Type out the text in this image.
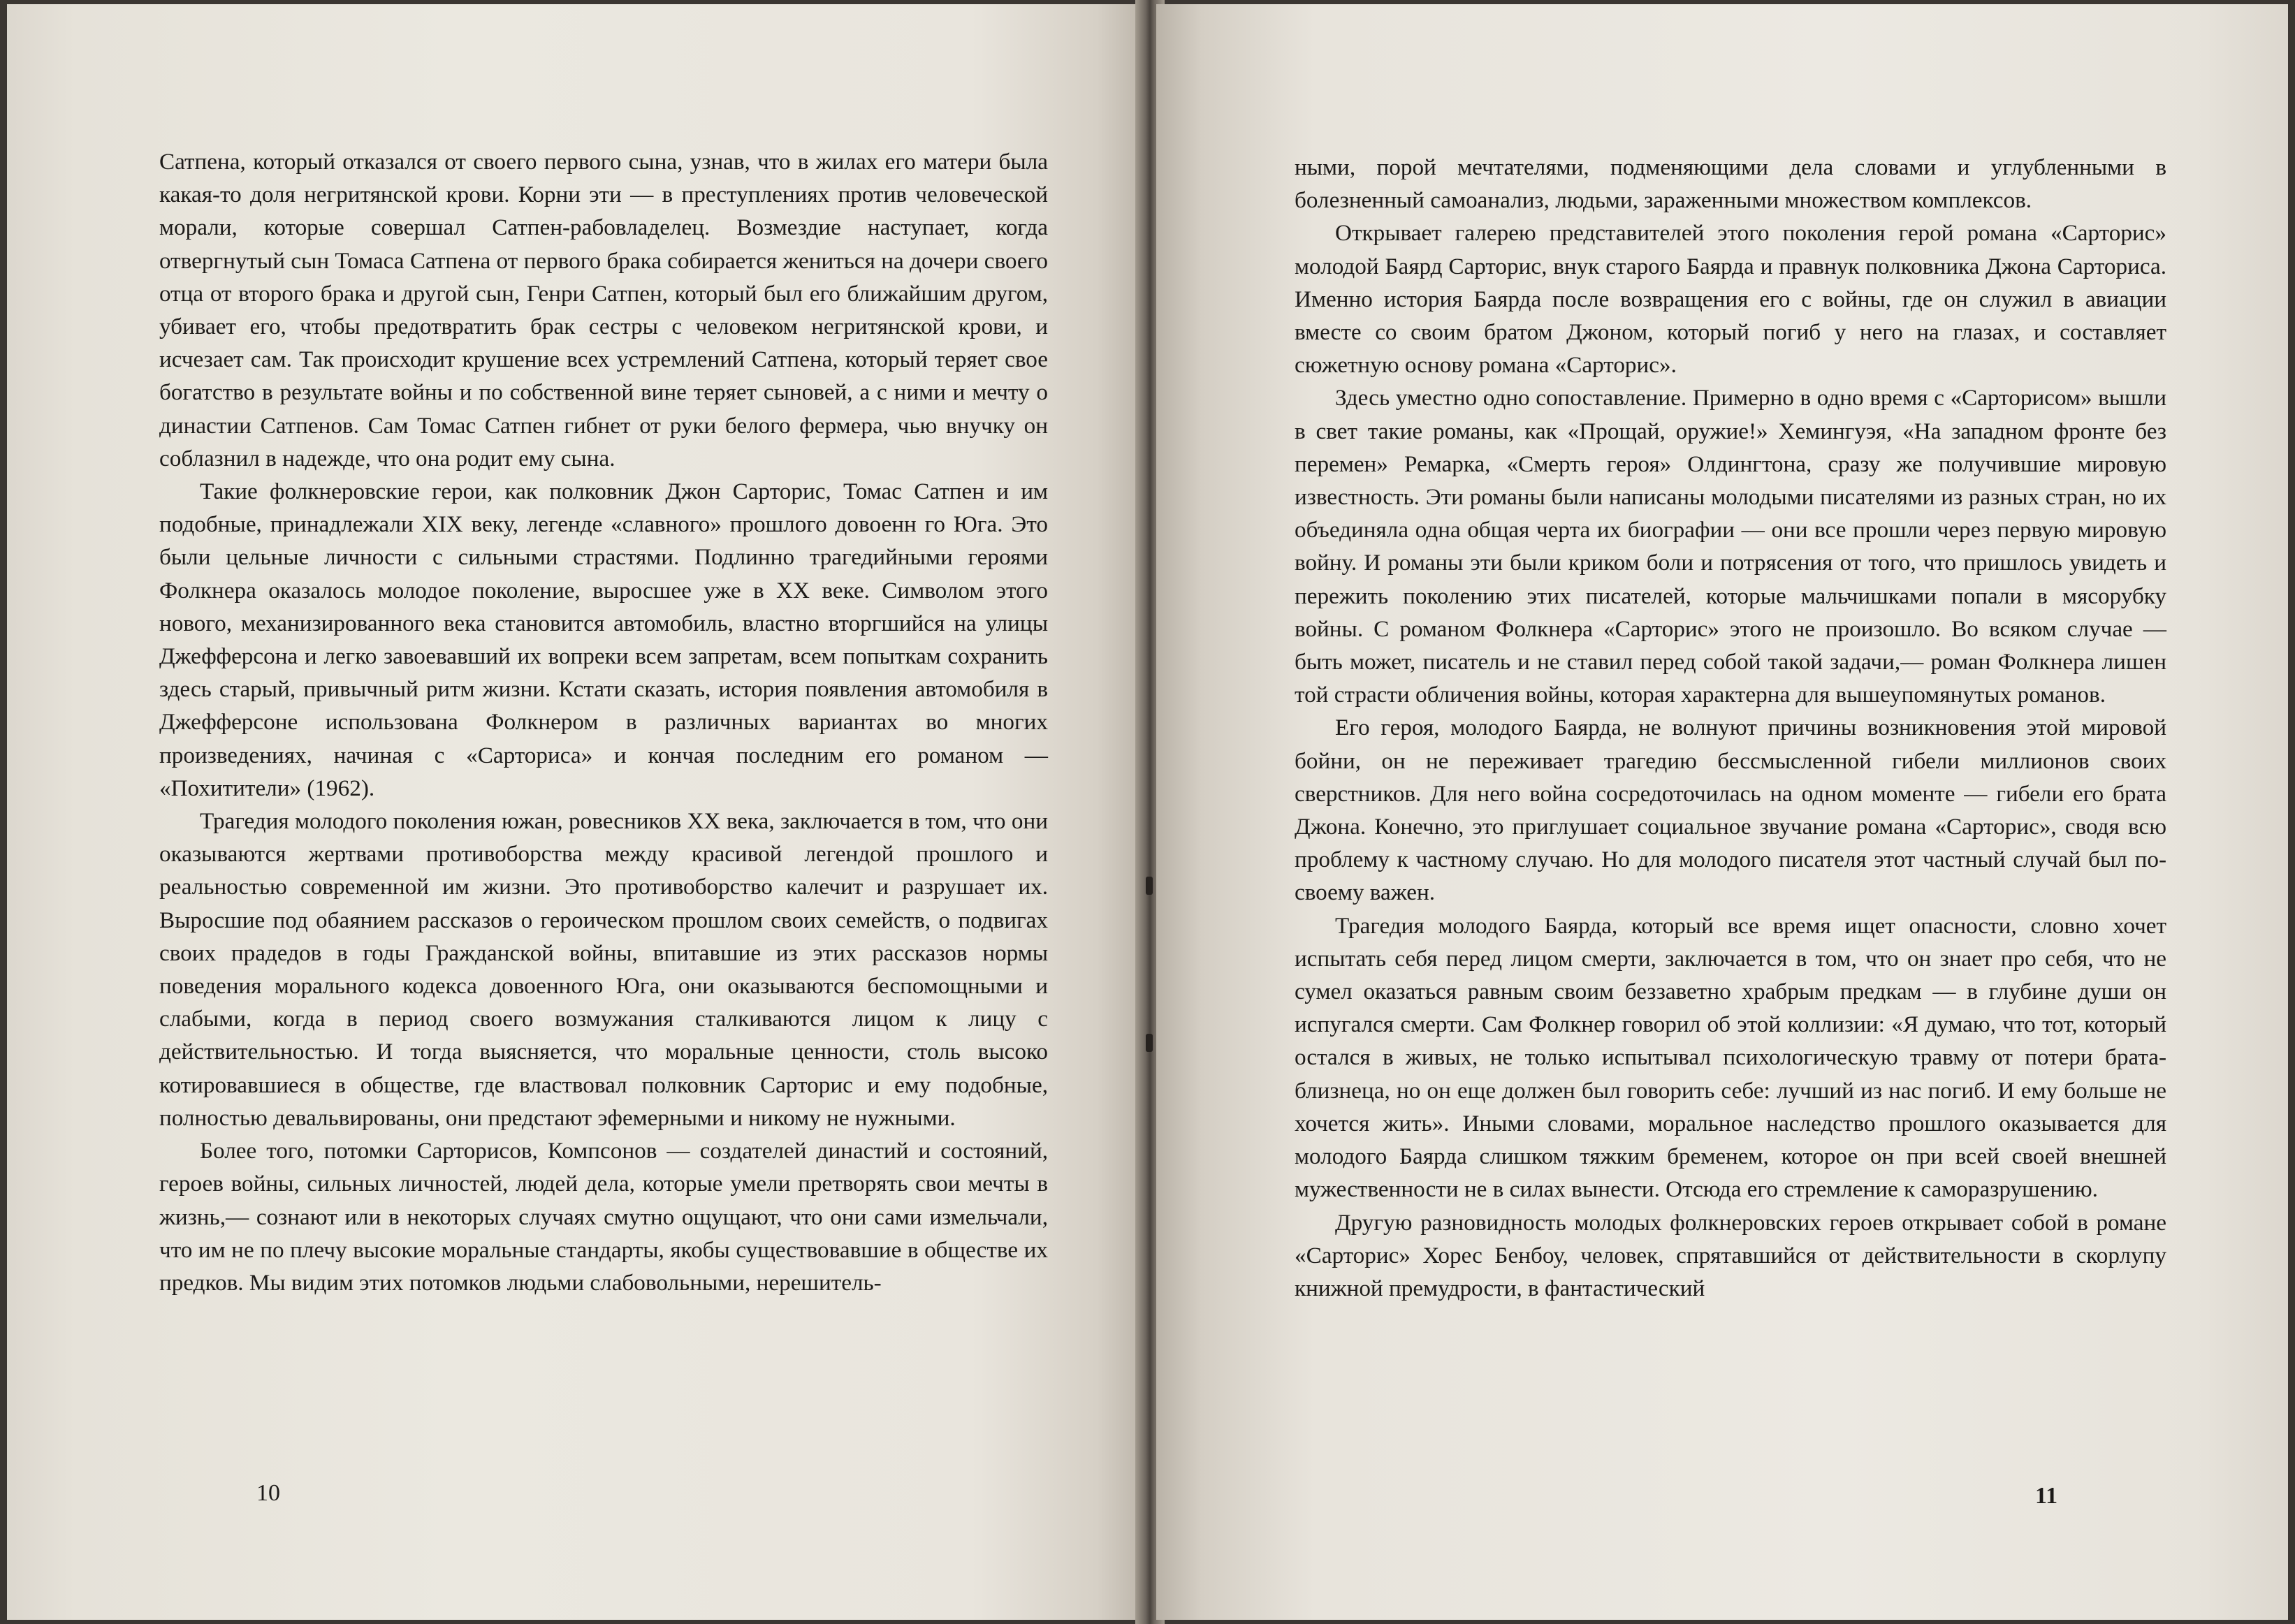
Сатпена, который отказался от своего первого сына, узнав, что в жилах его матери была какая-то доля негритянской крови. Корни эти — в преступлениях против человеческой морали, которые совершал Сатпен-рабовладелец. Возмездие наступает, когда отвергнутый сын Томаса Сатпена от первого брака собирается жениться на дочери своего отца от второго брака и другой сын, Генри Сатпен, который был его ближайшим другом, убивает его, чтобы предотвратить брак сестры с человеком негритянской крови, и исчезает сам. Так происходит крушение всех устремлений Сатпена, который теряет свое богатство в результате войны и по собственной вине теряет сыновей, а с ними и мечту о династии Сатпенов. Сам Томас Сатпен гибнет от руки белого фермера, чью внучку он соблазнил в надежде, что она родит ему сына.

Такие фолкнеровские герои, как полковник Джон Сарторис, Томас Сатпен и им подобные, принадлежали XIX веку, легенде «славного» прошлого довоенн го Юга. Это были цельные личности с сильными страстями. Подлинно трагедийными героями Фолкнера оказалось молодое поколение, выросшее уже в XX веке. Символом этого нового, механизированного века становится автомобиль, властно вторгшийся на улицы Джефферсона и легко завоевавший их вопреки всем запретам, всем попыткам сохранить здесь старый, привычный ритм жизни. Кстати сказать, история появления автомобиля в Джефферсоне использована Фолкнером в различных вариантах во многих произведениях, начиная с «Сарториса» и кончая последним его романом — «Похитители» (1962).

Трагедия молодого поколения южан, ровесников XX века, заключается в том, что они оказываются жертвами противоборства между красивой легендой прошлого и реальностью современной им жизни. Это противоборство калечит и разрушает их. Выросшие под обаянием рассказов о героическом прошлом своих семейств, о подвигах своих прадедов в годы Гражданской войны, впитавшие из этих рассказов нормы поведения морального кодекса довоенного Юга, они оказываются беспомощными и слабыми, когда в период своего возмужания сталкиваются лицом к лицу с действительностью. И тогда выясняется, что моральные ценности, столь высоко котировавшиеся в обществе, где властвовал полковник Сарторис и ему подобные, полностью девальвированы, они предстают эфемерными и никому не нужными.

Более того, потомки Сарторисов, Компсонов — создателей династий и состояний, героев войны, сильных личностей, людей дела, которые умели претворять свои мечты в жизнь,— сознают или в некоторых случаях смутно ощущают, что они сами измельчали, что им не по плечу высокие моральные стандарты, якобы существовавшие в обществе их предков. Мы видим этих потомков людьми слабовольными, нерешитель-

10

ными, порой мечтателями, подменяющими дела словами и углубленными в болезненный самоанализ, людьми, зараженными множеством комплексов.

Открывает галерею представителей этого поколения герой романа «Сарторис» молодой Баярд Сарторис, внук старого Баярда и правнук полковника Джона Сарториса. Именно история Баярда после возвращения его с войны, где он служил в авиации вместе со своим братом Джоном, который погиб у него на глазах, и составляет сюжетную основу романа «Сарторис».

Здесь уместно одно сопоставление. Примерно в одно время с «Сарторисом» вышли в свет такие романы, как «Прощай, оружие!» Хемингуэя, «На западном фронте без перемен» Ремарка, «Смерть героя» Олдингтона, сразу же получившие мировую известность. Эти романы были написаны молодыми писателями из разных стран, но их объединяла одна общая черта их биографии — они все прошли через первую мировую войну. И романы эти были криком боли и потрясения от того, что пришлось увидеть и пережить поколению этих писателей, которые мальчишками попали в мясорубку войны. С романом Фолкнера «Сарторис» этого не произошло. Во всяком случае — быть может, писатель и не ставил перед собой такой задачи,— роман Фолкнера лишен той страсти обличения войны, которая характерна для вышеупомянутых романов.

Его героя, молодого Баярда, не волнуют причины возникновения этой мировой бойни, он не переживает трагедию бессмысленной гибели миллионов своих сверстников. Для него война сосредоточилась на одном моменте — гибели его брата Джона. Конечно, это приглушает социальное звучание романа «Сарторис», сводя всю проблему к частному случаю. Но для молодого писателя этот частный случай был по-своему важен.

Трагедия молодого Баярда, который все время ищет опасности, словно хочет испытать себя перед лицом смерти, заключается в том, что он знает про себя, что не сумел оказаться равным своим беззаветно храбрым предкам — в глубине души он испугался смерти. Сам Фолкнер говорил об этой коллизии: «Я думаю, что тот, который остался в живых, не только испытывал психологическую травму от потери брата-близнеца, но он еще должен был говорить себе: лучший из нас погиб. И ему больше не хочется жить». Иными словами, моральное наследство прошлого оказывается для молодого Баярда слишком тяжким бременем, которое он при всей своей внешней мужественности не в силах вынести. Отсюда его стремление к саморазрушению.

Другую разновидность молодых фолкнеровских героев открывает собой в романе «Сарторис» Хорес Бенбоу, человек, спрятавшийся от действительности в скорлупу книжной премудрости, в фантастический

11
